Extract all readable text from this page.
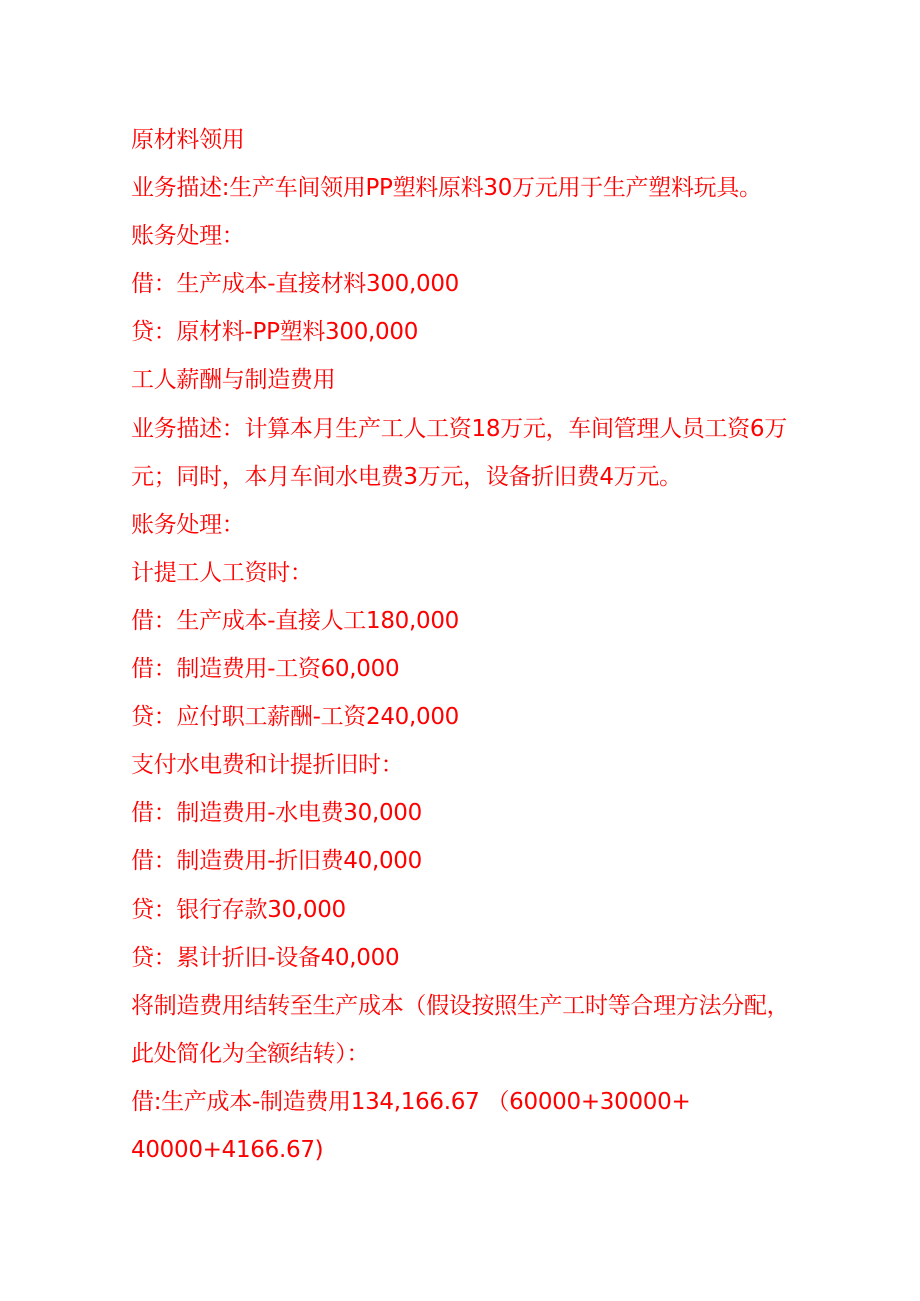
原材料领用
业务描述:生产车间领用PP塑料原料30万元用于生产塑料玩具。
账务处理：
借：生产成本-直接材料300,000
贷：原材料-PP塑料300,000
工人薪酬与制造费用
业务描述：计算本月生产工人工资18万元，车间管理人员工资6万
元；同时，本月车间水电费3万元，设备折旧费4万元。
账务处理：
计提工人工资时：
借：生产成本-直接人工180,000
借：制造费用-工资60,000
贷：应付职工薪酬-工资240,000
支付水电费和计提折旧时：
借：制造费用-水电费30,000
借：制造费用-折旧费40,000
贷：银行存款30,000
贷：累计折旧-设备40,000
将制造费用结转至生产成本（假设按照生产工时等合理方法分配，
此处简化为全额结转）：
借:生产成本-制造费用134,166.67 （60000+30000+
40000+4166.67)
